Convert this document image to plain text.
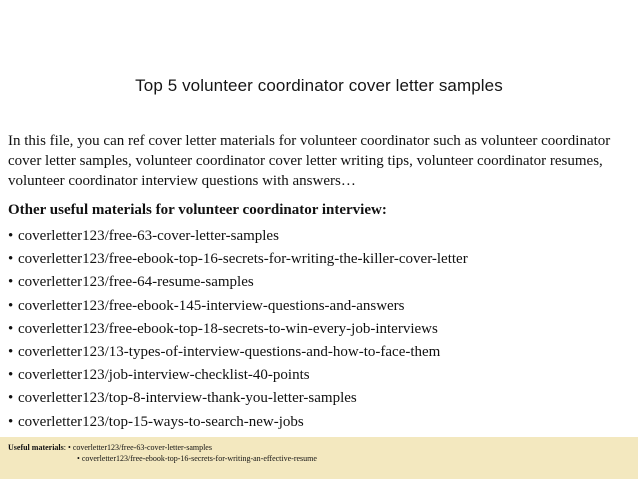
Top 5 volunteer coordinator cover letter samples
In this file, you can ref cover letter materials for volunteer coordinator such as volunteer coordinator cover letter samples, volunteer coordinator cover letter writing tips, volunteer coordinator resumes, volunteer coordinator interview questions with answers…
Other useful materials for volunteer coordinator interview:
• coverletter123/free-63-cover-letter-samples
• coverletter123/free-ebook-top-16-secrets-for-writing-the-killer-cover-letter
• coverletter123/free-64-resume-samples
• coverletter123/free-ebook-145-interview-questions-and-answers
• coverletter123/free-ebook-top-18-secrets-to-win-every-job-interviews
• coverletter123/13-types-of-interview-questions-and-how-to-face-them
• coverletter123/job-interview-checklist-40-points
• coverletter123/top-8-interview-thank-you-letter-samples
• coverletter123/top-15-ways-to-search-new-jobs
Useful materials: • coverletter123/free-63-cover-letter-samples
• coverletter123/free-ebook-top-16-secrets-for-writing-an-effective-resume
